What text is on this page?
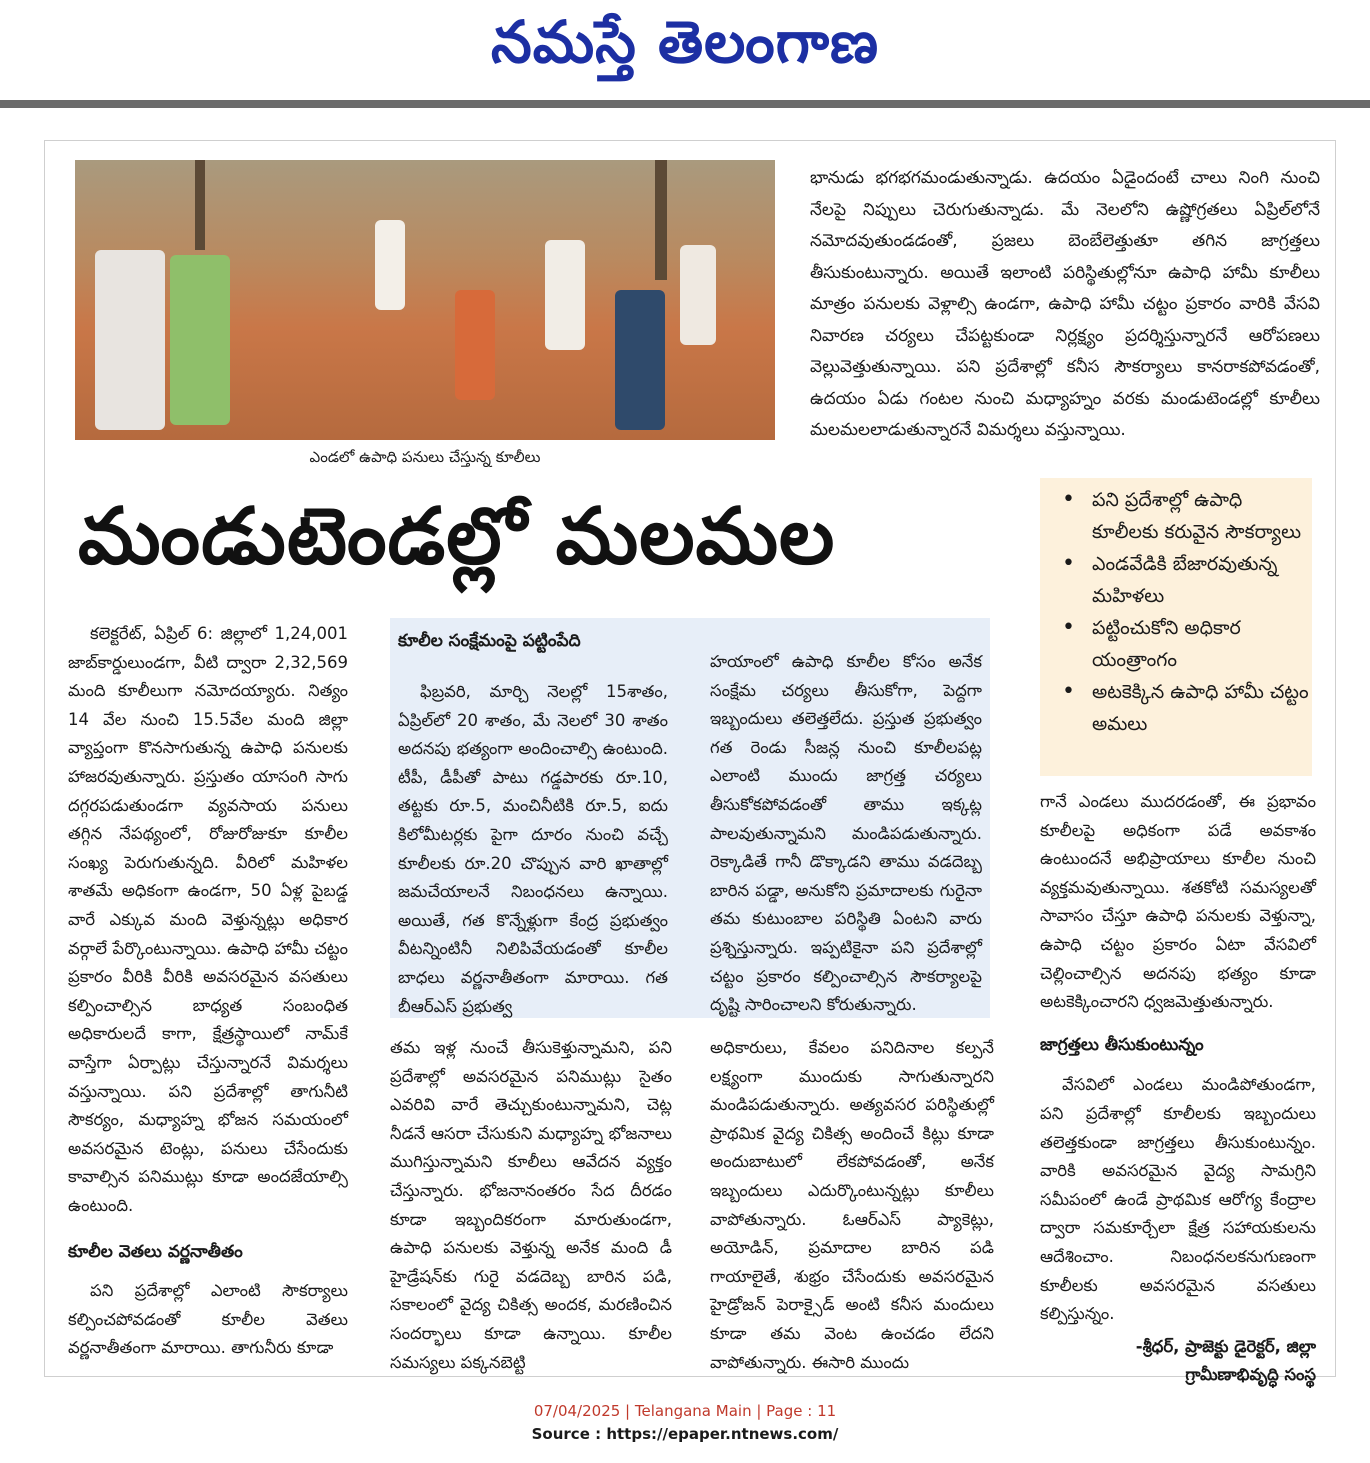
నమస్తే తెలంగాణ
ఎండలో ఉపాధి పనులు చేస్తున్న కూలీలు
భానుడు భగభగమండుతున్నాడు. ఉదయం ఏడైందంటే చాలు నింగి నుంచి నేలపై నిప్పులు చెరుగుతున్నాడు. మే నెలలోని ఉష్ణోగ్రతలు ఏప్రిల్‌లోనే నమోదవుతుండడంతో, ప్రజలు బెంబేలెత్తుతూ తగిన జాగ్రత్తలు తీసుకుంటున్నారు. అయితే ఇలాంటి పరిస్థితుల్లోనూ ఉపాధి హామీ కూలీలు మాత్రం పనులకు వెళ్లాల్సి ఉండగా, ఉపాధి హామీ చట్టం ప్రకారం వారికి వేసవి నివారణ చర్యలు చేపట్టకుండా నిర్లక్ష్యం ప్రదర్శిస్తున్నారనే ఆరోపణలు వెల్లువెత్తుతున్నాయి. పని ప్రదేశాల్లో కనీస సౌకర్యాలు కానరాకపోవడంతో, ఉదయం ఏడు గంటల నుంచి మధ్యాహ్నం వరకు మండుటెండల్లో కూలీలు మలమలలాడుతున్నారనే విమర్శలు వస్తున్నాయి.
మండుటెండల్లో మలమల	• పని ప్రదేశాల్లో ఉపాధి కూలీలకు కరువైన సౌకర్యాలు
• ఎండవేడికి బేజారవుతున్న మహిళలు
• పట్టించుకోని అధికార యంత్రాంగం
• అటకెక్కిన ఉపాధి హామీ చట్టం అమలు

కలెక్టరేట్, ఏప్రిల్ 6: జిల్లాలో 1,24,001 జాబ్‌కార్డులుండగా, వీటి ద్వారా 2,32,569 మంది కూలీలుగా నమోదయ్యారు. నిత్యం 14 వేల నుంచి 15.5వేల మంది జిల్లా వ్యాప్తంగా కొనసాగుతున్న ఉపాధి పనులకు హాజరవుతున్నారు. ప్రస్తుతం యాసంగి సాగు దగ్గరపడుతుండగా వ్యవసాయ పనులు తగ్గిన నేపథ్యంలో, రోజురోజుకూ కూలీల సంఖ్య పెరుగుతున్నది. వీరిలో మహిళల శాతమే అధికంగా ఉండగా, 50 ఏళ్ల పైబడ్డ వారే ఎక్కువ మంది వెళ్తున్నట్లు అధికార వర్గాలే పేర్కొంటున్నాయి. ఉపాధి హామీ చట్టం ప్రకారం వీరికి వీరికి అవసరమైన వసతులు కల్పించాల్సిన బాధ్యత సంబంధిత అధికారులదే కాగా, క్షేత్రస్థాయిలో నామ్‌కే వాస్తేగా ఏర్పాట్లు చేస్తున్నారనే విమర్శలు వస్తున్నాయి. పని ప్రదేశాల్లో తాగునీటి సౌకర్యం, మధ్యాహ్న భోజన సమయంలో అవసరమైన టెంట్లు, పనులు చేసేందుకు కావాల్సిన పనిముట్లు కూడా అందజేయాల్సి ఉంటుంది.

కూలీల వెతలు వర్ణనాతీతం

పని ప్రదేశాల్లో ఎలాంటి సౌకర్యాలు కల్పించపోవడంతో కూలీల వెతలు వర్ణనాతీతంగా మారాయి. తాగునీరు కూడా

కూలీల సంక్షేమంపై పట్టింపేది

ఫిబ్రవరి, మార్చి నెలల్లో 15శాతం, ఏప్రిల్‌లో 20 శాతం, మే నెలలో 30 శాతం అదనపు భత్యంగా అందించాల్సి ఉంటుంది. టీపీ, డీపీతో పాటు గడ్డపారకు రూ.10, తట్టకు రూ.5, మంచినీటికి రూ.5, ఐదు కిలోమీటర్లకు పైగా దూరం నుంచి వచ్చే కూలీలకు రూ.20 చొప్పున వారి ఖాతాల్లో జమచేయాలనే నిబంధనలు ఉన్నాయి. అయితే, గత కొన్నేళ్లుగా కేంద్ర ప్రభుత్వం వీటన్నింటినీ నిలిపివేయడంతో కూలీల బాధలు వర్ణనాతీతంగా మారాయి. గత బీఆర్‌ఎస్ ప్రభుత్వ

హయాంలో ఉపాధి కూలీల కోసం అనేక సంక్షేమ చర్యలు తీసుకోగా, పెద్దగా ఇబ్బందులు తలెత్తలేదు. ప్రస్తుత ప్రభుత్వం గత రెండు సీజన్ల నుంచి కూలీలపట్ల ఎలాంటి ముందు జాగ్రత్త చర్యలు తీసుకోకపోవడంతో తాము ఇక్కట్ల పాలవుతున్నామని మండిపడుతున్నారు. రెక్కాడితే గానీ డొక్కాడని తాము వడదెబ్బ బారిన పడ్డా, అనుకోని ప్రమాదాలకు గురైనా తమ కుటుంబాల పరిస్థితి ఏంటని వారు ప్రశ్నిస్తున్నారు. ఇప్పటికైనా పని ప్రదేశాల్లో చట్టం ప్రకారం కల్పించాల్సిన సౌకర్యాలపై దృష్టి సారించాలని కోరుతున్నారు.

తమ ఇళ్ల నుంచే తీసుకెళ్తున్నామని, పని ప్రదేశాల్లో అవసరమైన పనిముట్లు సైతం ఎవరివి వారే తెచ్చుకుంటున్నామని, చెట్ల నీడనే ఆసరా చేసుకుని మధ్యాహ్న భోజనాలు ముగిస్తున్నామని కూలీలు ఆవేదన వ్యక్తం చేస్తున్నారు. భోజనానంతరం సేద దీరడం కూడా ఇబ్బందికరంగా మారుతుండగా, ఉపాధి పనులకు వెళ్తున్న అనేక మంది డీ హైడ్రేషన్‌కు గురై వడదెబ్బ బారిన పడి, సకాలంలో వైద్య చికిత్స అందక, మరణించిన సందర్భాలు కూడా ఉన్నాయి. కూలీల సమస్యలు పక్కనబెట్టి

అధికారులు, కేవలం పనిదినాల కల్పనే లక్ష్యంగా ముందుకు సాగుతున్నారని మండిపడుతున్నారు. అత్యవసర పరిస్థితుల్లో ప్రాథమిక వైద్య చికిత్స అందించే కిట్లు కూడా అందుబాటులో లేకపోవడంతో, అనేక ఇబ్బందులు ఎదుర్కొంటున్నట్లు కూలీలు వాపోతున్నారు. ఓఆర్‌ఎస్ ప్యాకెట్లు, అయోడిన్, ప్రమాదాల బారిన పడి గాయాలైతే, శుభ్రం చేసేందుకు అవసరమైన హైడ్రోజన్ పెరాక్సైడ్ అంటి కనీస మందులు కూడా తమ వెంట ఉంచడం లేదని వాపోతున్నారు. ఈసారి ముందు

గానే ఎండలు ముదరడంతో, ఈ ప్రభావం కూలీలపై అధికంగా పడే అవకాశం ఉంటుందనే అభిప్రాయాలు కూలీల నుంచి వ్యక్తమవుతున్నాయి. శతకోటి సమస్యలతో సావాసం చేస్తూ ఉపాధి పనులకు వెళ్తున్నా, ఉపాధి చట్టం ప్రకారం ఏటా వేసవిలో చెల్లించాల్సిన అదనపు భత్యం కూడా అటకెక్కించారని ధ్వజమెత్తుతున్నారు.

జాగ్రత్తలు తీసుకుంటున్నం

వేసవిలో ఎండలు మండిపోతుండగా, పని ప్రదేశాల్లో కూలీలకు ఇబ్బందులు తలెత్తకుండా జాగ్రత్తలు తీసుకుంటున్నం. వారికి అవసరమైన వైద్య సామగ్రిని సమీపంలో ఉండే ప్రాథమిక ఆరోగ్య కేంద్రాల ద్వారా సమకూర్చేలా క్షేత్ర సహాయకులను ఆదేశించాం. నిబంధనలకనుగుణంగా కూలీలకు అవసరమైన వసతులు కల్పిస్తున్నం.

-శ్రీధర్, ప్రాజెక్టు డైరెక్టర్, జిల్లా గ్రామీణాభివృద్ధి సంస్థ

07/04/2025 | Telangana Main | Page : 11
Source : https://epaper.ntnews.com/
